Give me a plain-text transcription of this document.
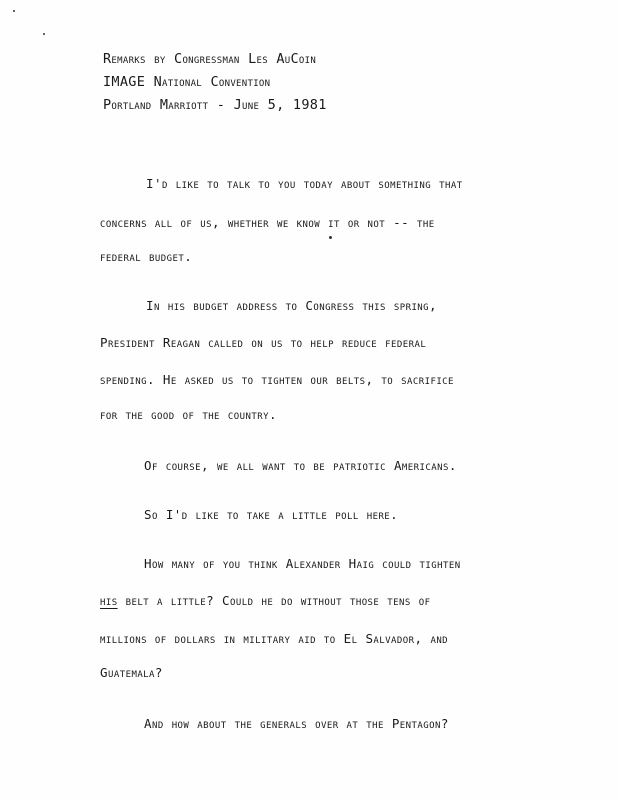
Remarks by Congressman Les AuCoin
IMAGE National Convention
Portland Marriott - June 5, 1981
I'd like to talk to you today about something that
concerns all of us, whether we know it or not -- the
federal budget.
In his budget address to Congress this spring,
President Reagan called on us to help reduce federal
spending. He asked us to tighten our belts, to sacrifice
for the good of the country.
Of course, we all want to be patriotic Americans.
So I'd like to take a little poll here.
How many of you think Alexander Haig could tighten
his belt a little? Could he do without those tens of
millions of dollars in military aid to El Salvador, and
Guatemala?
And how about the generals over at the Pentagon?
